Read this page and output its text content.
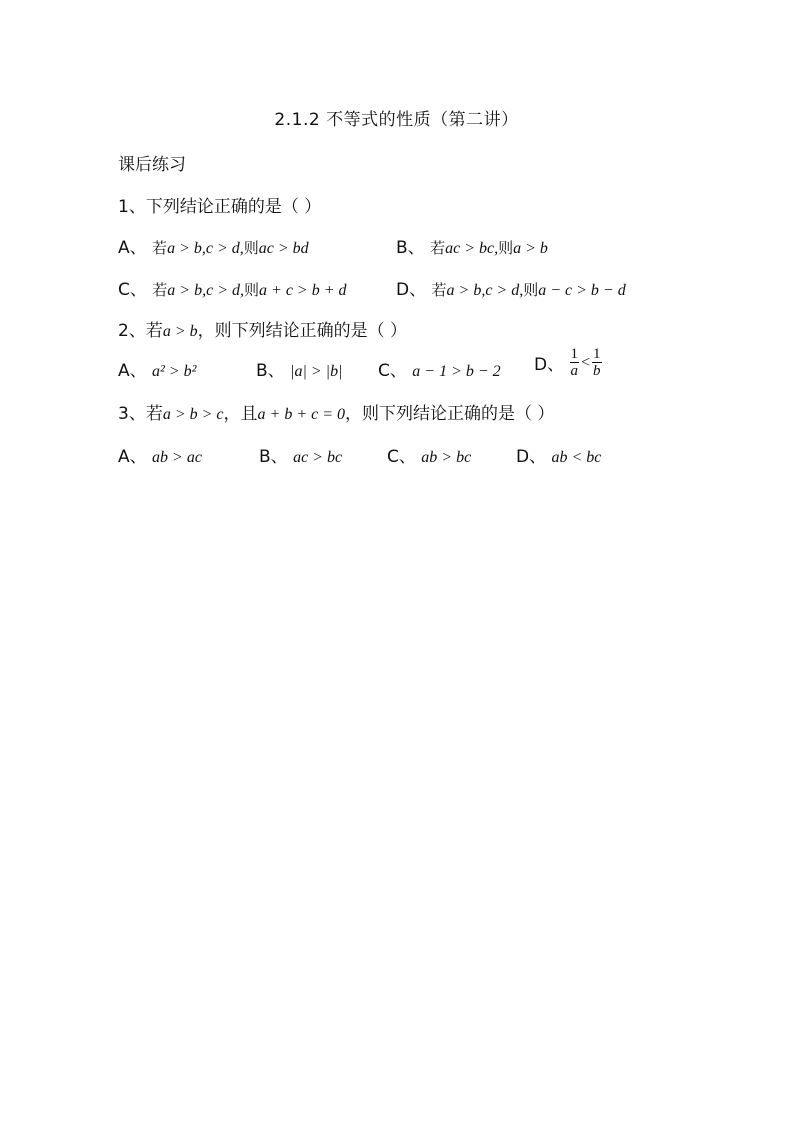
2.1.2 不等式的性质（第二讲）
课后练习
1、下列结论正确的是（ ）
A、 若a > b,c > d,则ac > bd	B、 若ac > bc,则a > b
C、 若a > b,c > d,则a + c > b + d	D、 若a > b,c > d,则a − c > b − d
2、若a > b，则下列结论正确的是（ ）
A、 a² > b²	B、 |a| > |b| C、 a − 1 > b − 2 D、 $\frac{1}{a} < \frac{1}{b}$
3、若a > b > c，且a + b + c = 0，则下列结论正确的是（ ）
A、 ab > ac	B、 ac > bc	C、 ab > bc	D、 ab < bc
